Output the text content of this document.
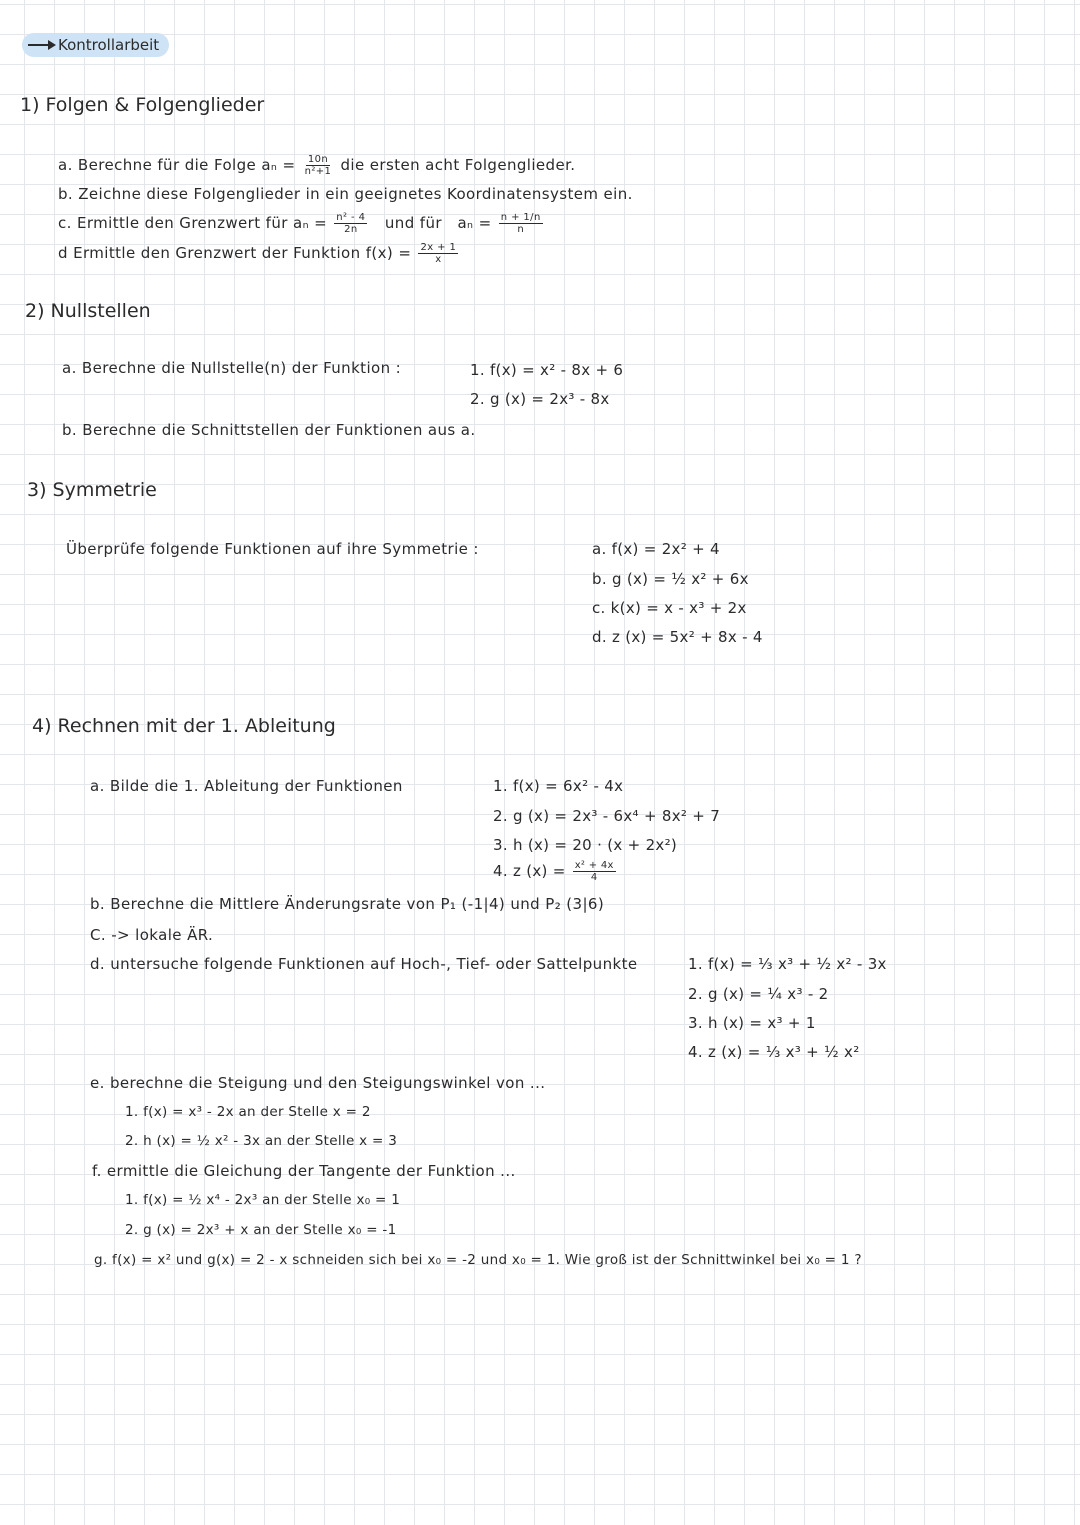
Kontrollarbeit
1) Folgen & Folgenglieder
a. Berechne für die Folge $a_n = \frac{10n}{\text{n²+1}}$ die ersten acht Folgenglieder.
b. Zeichne diese Folgenglieder in ein geeignetes Koordinatensystem ein.
c. Ermittle den Grenzwert für $a_n = \frac{\text{n² - 4}}{2n}$ und für $a_n = \frac{n + 1/n}{n}$
d Ermittle den Grenzwert der Funktion $f(x) = \frac{2x + 1}{x}$
2) Nullstellen
a. Berechne die Nullstelle(n) der Funktion :	1. f(x) = x² - 8x + 6
2. g (x) = 2x³ - 8x
b. Berechne die Schnittstellen der Funktionen aus a.
3) Symmetrie
Überprüfe folgende Funktionen auf ihre Symmetrie :	a. f(x) = 2x² + 4
b. g (x) = ½ x² + 6x
c. k(x) = x - x³ + 2x
d. z (x) = 5x² + 8x - 4
4) Rechnen mit der 1. Ableitung
a. Bilde die 1. Ableitung der Funktionen	1. f(x) = 6x² - 4x
2. g (x) = 2x³ - 6x⁴ + 8x² + 7
3. h (x) = 20 · (x + 2x²)
4. z $(x) = \frac{\text{x² + 4x}}{4}$
b. Berechne die Mittlere Änderungsrate von P₁ (-1|4) und P₂ (3|6)
C. -> lokale ÄR.
d. untersuche folgende Funktionen auf Hoch-, Tief- oder Sattelpunkte	1. f(x) = ⅓ x³ + ½ x² - 3x
2. g (x) = ¼ x³ - 2
3. h (x) = x³ + 1
4. z (x) = ⅓ x³ + ½ x²
e. berechne die Steigung und den Steigungswinkel von ...
1. f(x) = x³ - 2x an der Stelle x = 2
2. h (x) = ½ x² - 3x an der Stelle x = 3
f. ermittle die Gleichung der Tangente der Funktion ...
1. f(x) = ½ x⁴ - 2x³ an der Stelle x₀ = 1
2. g (x) = 2x³ + x an der Stelle x₀ = -1
g. f(x) = x² und g(x) = 2 - x schneiden sich bei x₀ = -2 und x₀ = 1. Wie groß ist der Schnittwinkel bei x₀ = 1 ?
